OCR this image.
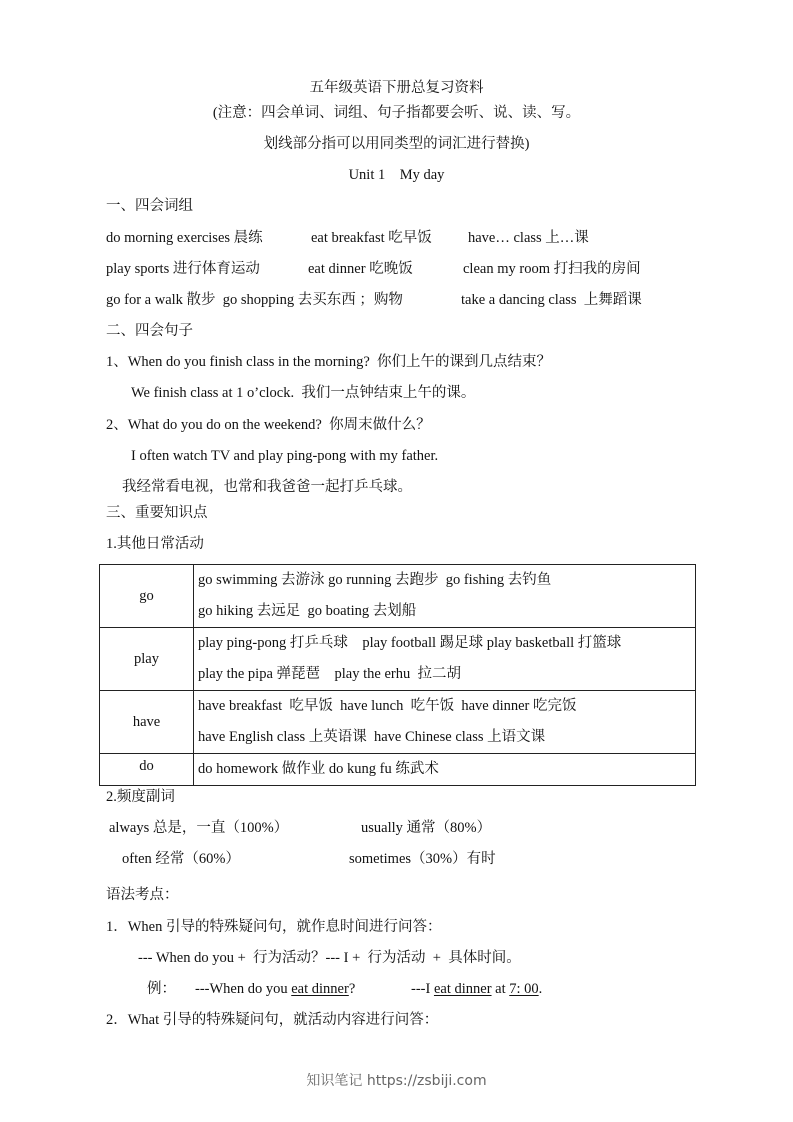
五年级英语下册总复习资料
(注意：四会单词、词组、句子指都要会听、说、读、写。
划线部分指可以用同类型的词汇进行替换)
Unit 1    My day
一、四会词组
do morning exercises 晨练	eat breakfast 吃早饭 have… class 上…课
play sports 进行体育运动	eat dinner 吃晚饭	clean my room 打扫我的房间
go for a walk 散步  go shopping 去买东西 ；购物	take a dancing class  上舞蹈课
二、四会句子
1、When do you finish class in the morning?  你们上午的课到几点结束？
We finish class at 1 o’clock.  我们一点钟结束上午的课。
2、What do you do on the weekend?  你周末做什么？
I often watch TV and play ping-pong with my father.
我经常看电视，也常和我爸爸一起打乒乓球。
三、重要知识点
1.其他日常活动
go	go swimming 去游泳 go running 去跑步  go fishing 去钓鱼
go hiking 去远足  go boating 去划船

play	play ping-pong 打乒乓球    play football 踢足球 play basketball 打篮球
play the pipa 弹琵琶    play the erhu  拉二胡

have	have breakfast  吃早饭  have lunch  吃午饭  have dinner 吃完饭
have English class 上英语课  have Chinese class 上语文课

do	do homework 做作业 do kung fu 练武术
2.频度副词
always 总是，一直（100%）	usually 通常（80%）
often 经常（60%）	sometimes（30%）有时
语法考点：
1．When 引导的特殊疑问句，就作息时间进行问答：
--- When do you +  行为活动？--- I +  行为活动  +  具体时间。
例： ---When do you eat dinner?	---I eat dinner at 7: 00.
2．What 引导的特殊疑问句，就活动内容进行问答：
知识笔记 https://zsbiji.com
